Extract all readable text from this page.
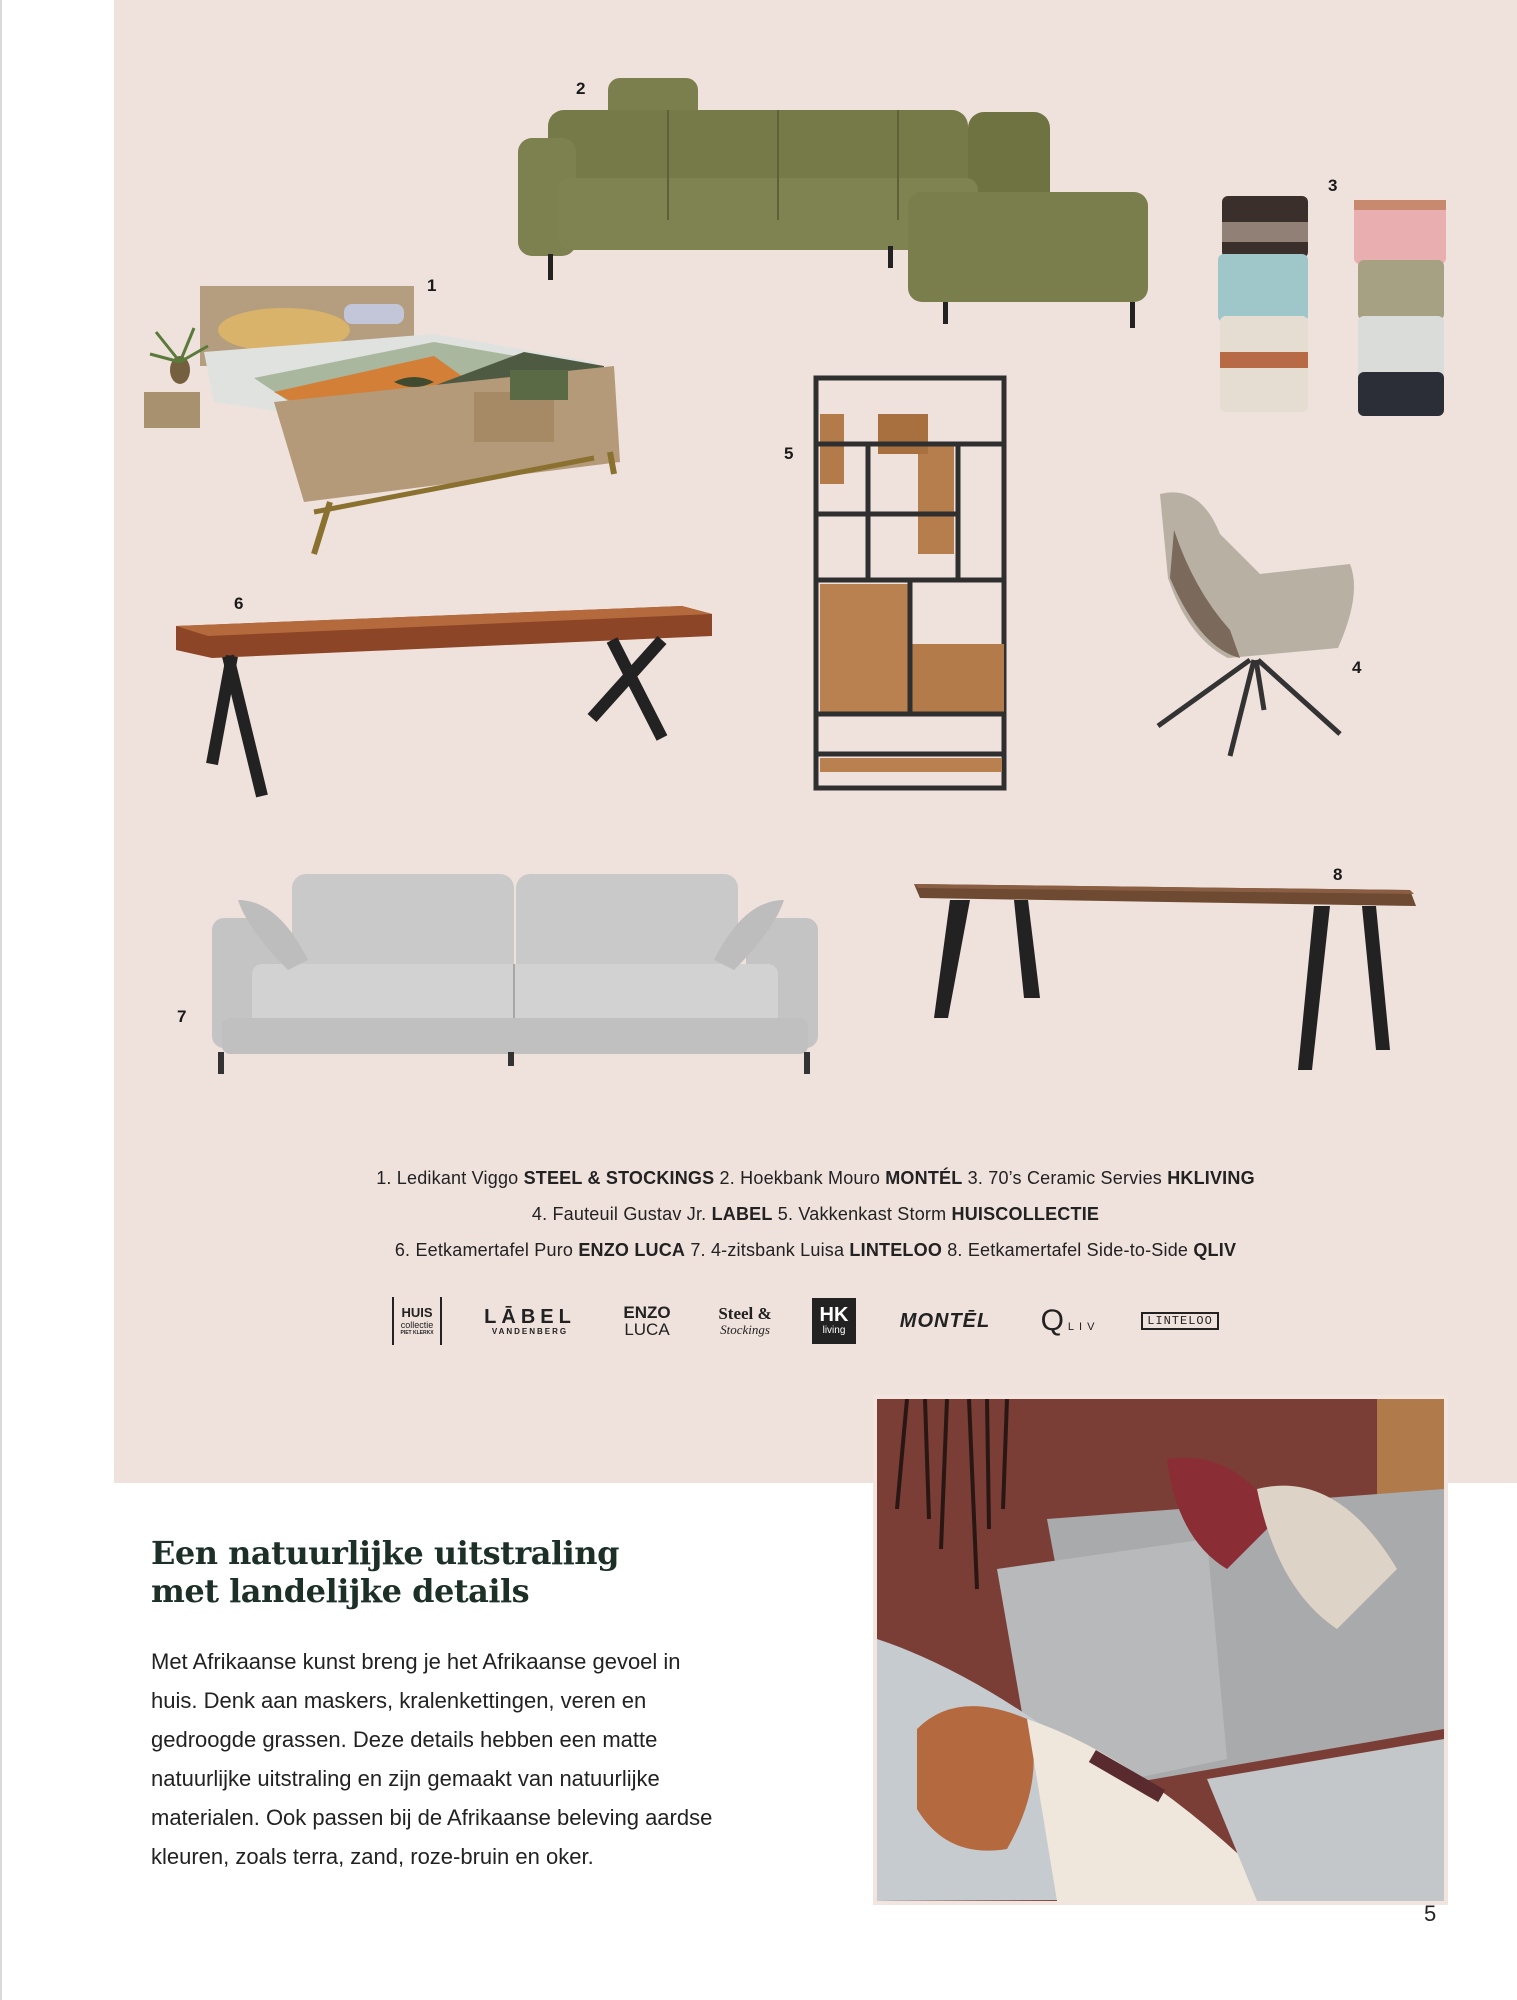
2
3
1
5
6
4
8
7
1. Ledikant Viggo STEEL & STOCKINGS 2. Hoekbank Mouro MONTÉL 3. 70’s Ceramic Servies HKLIVING
4. Fauteuil Gustav Jr. LABEL 5. Vakkenkast Storm HUISCOLLECTIE
6. Eetkamertafel Puro ENZO LUCA 7. 4-zitsbank Luisa LINTELOO 8. Eetkamertafel Side-to-Side QLIV
HUIS
collectie
PIET KLERKX
LĀBEL
VANDENBERG
ENZO
LUCA
Steel &
Stockings
HK
living	MONTĒL Q LIV	LINTELOO
Een natuurlijke uitstraling
met landelijke details

Met Afrikaanse kunst breng je het Afrikaanse gevoel in huis. Denk aan maskers, kralenkettingen, veren en gedroogde grassen. Deze details hebben een matte natuurlijke uitstraling en zijn gemaakt van natuurlijke materialen. Ook passen bij de Afrikaanse beleving aardse kleuren, zoals terra, zand, roze-bruin en oker.

5
